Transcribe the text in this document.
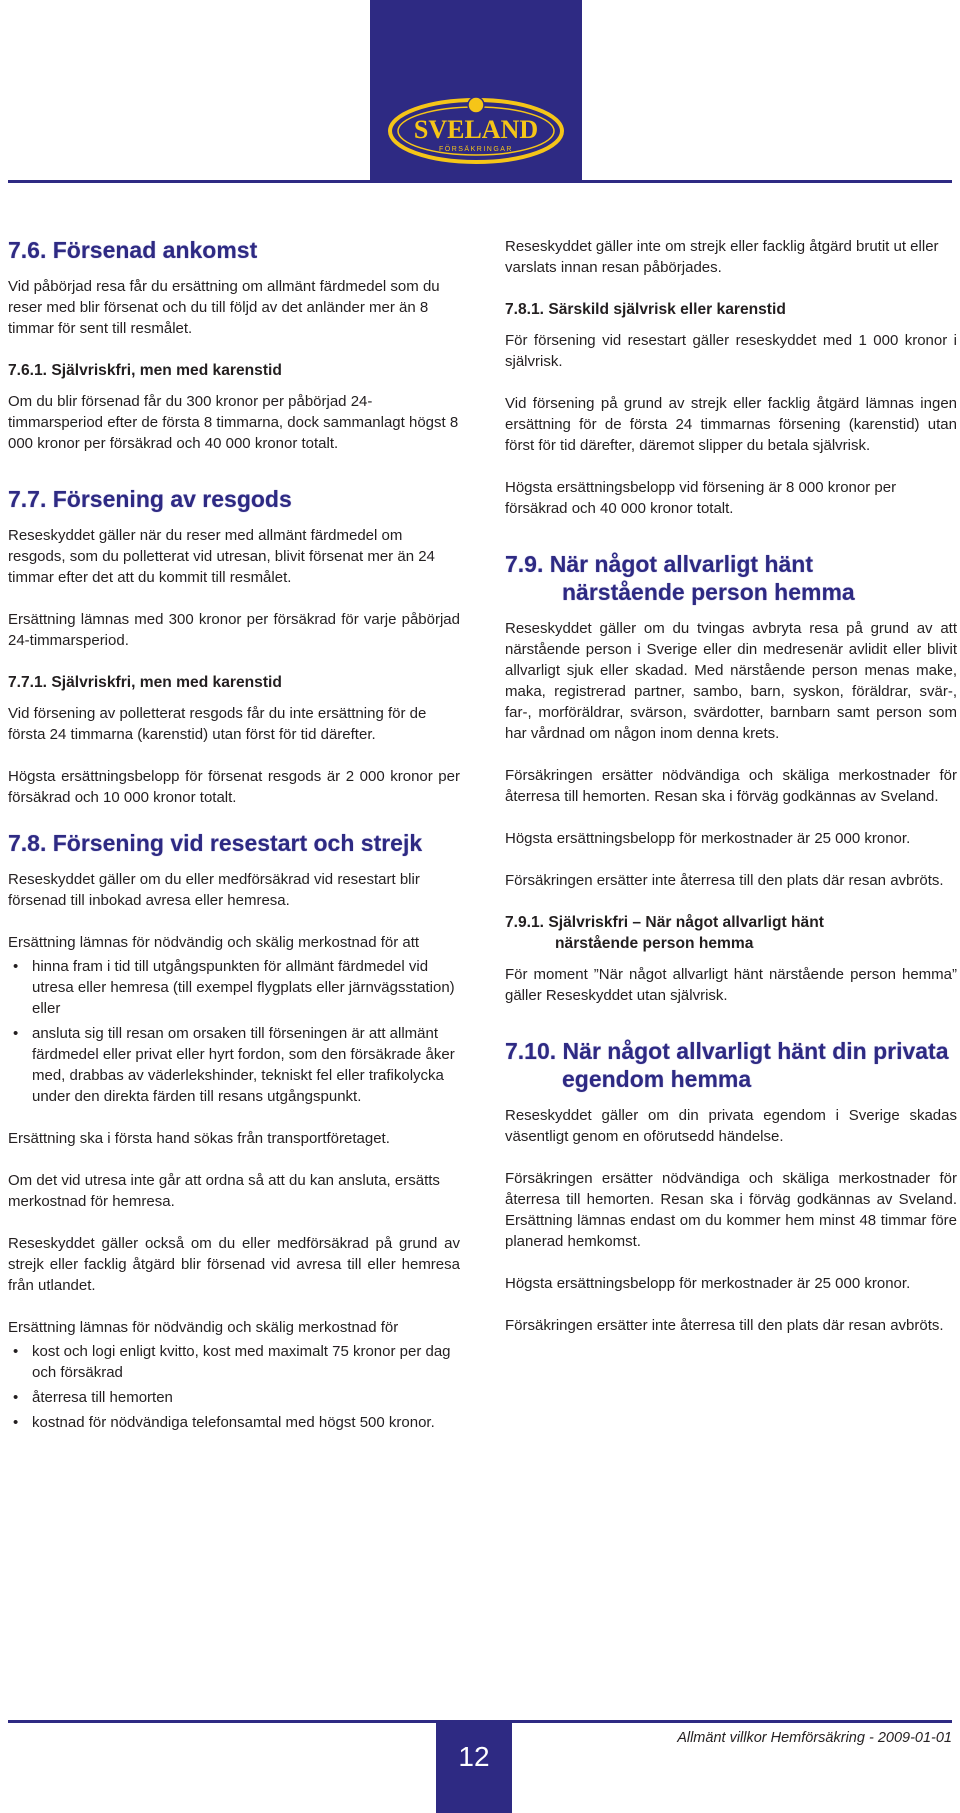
SVELAND
FÖRSÄKRINGAR
7.6. Försenad ankomst

Vid påbörjad resa får du ersättning om allmänt färdmedel som du reser med blir försenat och du till följd av det anländer mer än 8 timmar för sent till resmålet.

7.6.1. Självriskfri, men med karenstid

Om du blir försenad får du 300 kronor per påbörjad 24-timmarsperiod efter de första 8 timmarna, dock sammanlagt högst 8 000 kronor per försäkrad och 40 000 kronor totalt.

7.7. Försening av resgods

Reseskyddet gäller när du reser med allmänt färdmedel om resgods, som du polletterat vid utresan, blivit försenat mer än 24 timmar efter det att du kommit till resmålet.

Ersättning lämnas med 300 kronor per försäkrad för varje påbörjad 24-timmarsperiod.

7.7.1. Självriskfri, men med karenstid

Vid försening av polletterat resgods får du inte ersättning för de första 24 timmarna (karenstid) utan först för tid därefter.

Högsta ersättningsbelopp för försenat resgods är 2 000 kronor per försäkrad och 10 000 kronor totalt.

7.8. Försening vid resestart och strejk

Reseskyddet gäller om du eller medförsäkrad vid resestart blir försenad till inbokad avresa eller hemresa.

Ersättning lämnas för nödvändig och skälig merkostnad för att

• hinna fram i tid till utgångspunkten för allmänt färdmedel vid utresa eller hemresa (till exempel flygplats eller järnvägsstation) eller
• ansluta sig till resan om orsaken till förseningen är att allmänt färdmedel eller privat eller hyrt fordon, som den försäkrade åker med, drabbas av väderlekshinder, tekniskt fel eller trafikolycka under den direkta färden till resans utgångspunkt.

Ersättning ska i första hand sökas från transportföretaget.

Om det vid utresa inte går att ordna så att du kan ansluta, ersätts merkostnad för hemresa.

Reseskyddet gäller också om du eller medförsäkrad på grund av strejk eller facklig åtgärd blir försenad vid avresa till eller hemresa från utlandet.

Ersättning lämnas för nödvändig och skälig merkostnad för

• kost och logi enligt kvitto, kost med maximalt 75 kronor per dag och försäkrad
• återresa till hemorten
• kostnad för nödvändiga telefonsamtal med högst 500 kronor.

Reseskyddet gäller inte om strejk eller facklig åtgärd brutit ut eller varslats innan resan påbörjades.

7.8.1. Särskild självrisk eller karenstid

För försening vid resestart gäller reseskyddet med 1 000 kronor i självrisk.

Vid försening på grund av strejk eller facklig åtgärd lämnas ingen ersättning för de första 24 timmarnas försening (karenstid) utan först för tid därefter, däremot slipper du betala självrisk.

Högsta ersättningsbelopp vid försening är 8 000 kronor per försäkrad och 40 000 kronor totalt.

7.9. När något allvarligt hänt
närstående person hemma

Reseskyddet gäller om du tvingas avbryta resa på grund av att närstående person i Sverige eller din medresenär avlidit eller blivit allvarligt sjuk eller skadad. Med närstående person menas make, maka, registrerad partner, sambo, barn, syskon, föräldrar, svär-, far-, morföräldrar, svärson, svärdotter, barnbarn samt person som har vårdnad om någon inom denna krets.

Försäkringen ersätter nödvändiga och skäliga merkostnader för återresa till hemorten. Resan ska i förväg godkännas av Sveland.

Högsta ersättningsbelopp för merkostnader är 25 000 kronor.

Försäkringen ersätter inte återresa till den plats där resan avbröts.

7.9.1. Självriskfri – När något allvarligt hänt
närstående person hemma

För moment ”När något allvarligt hänt närstående person hemma” gäller Reseskyddet utan självrisk.

7.10. När något allvarligt hänt din privata
egendom hemma

Reseskyddet gäller om din privata egendom i Sverige skadas väsentligt genom en oförutsedd händelse.

Försäkringen ersätter nödvändiga och skäliga merkostnader för återresa till hemorten. Resan ska i förväg godkännas av Sveland. Ersättning lämnas endast om du kommer hem minst 48 timmar före planerad hemkomst.

Högsta ersättningsbelopp för merkostnader är 25 000 kronor.

Försäkringen ersätter inte återresa till den plats där resan avbröts.

12
Allmänt villkor Hemförsäkring - 2009-01-01
